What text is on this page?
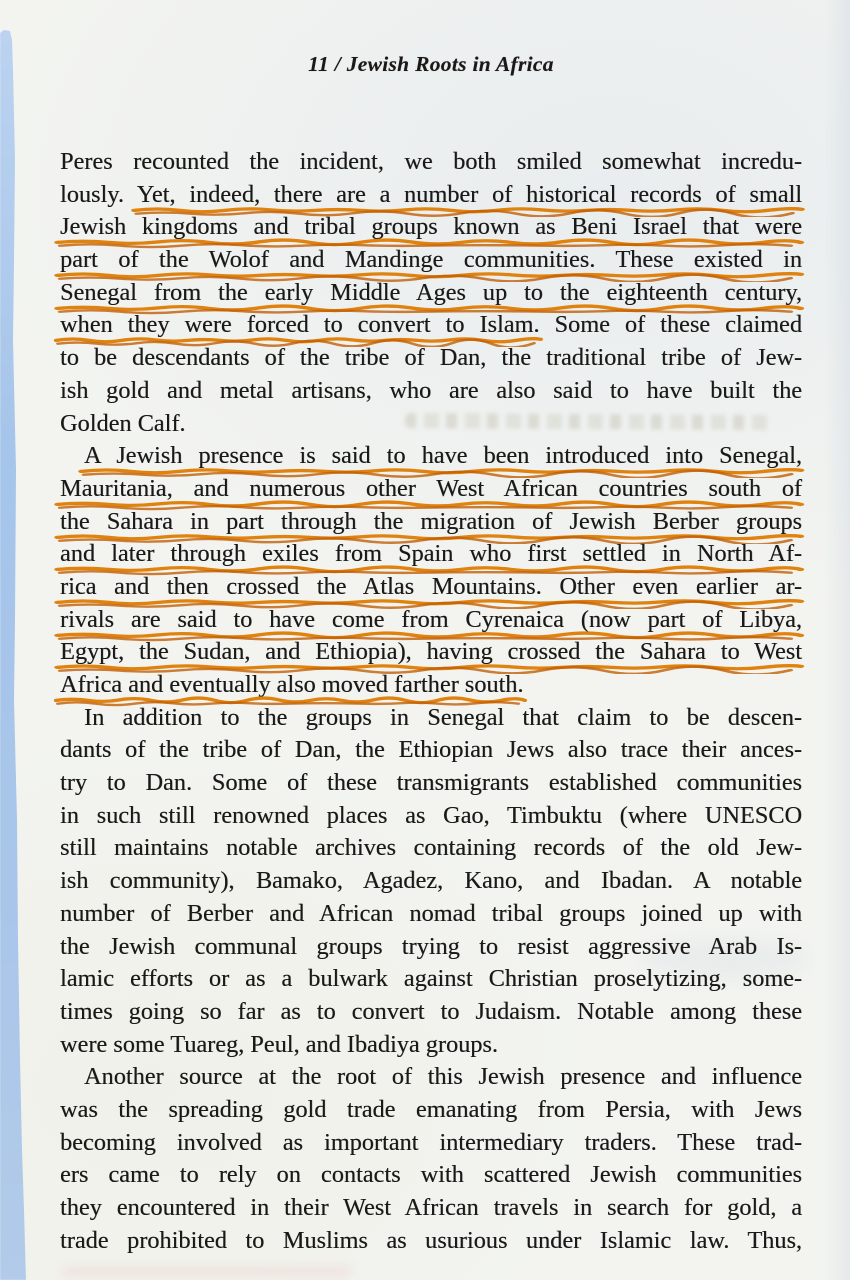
11 / Jewish Roots in Africa
Peres recounted the incident, we both smiled somewhat incredu-
lously. Yet, indeed, there are a number of historical records of small
Jewish kingdoms and tribal groups known as Beni Israel that were
part of the Wolof and Mandinge communities. These existed in
Senegal from the early Middle Ages up to the eighteenth century,
when they were forced to convert to Islam.
Some of these claimed
to be descendants of the tribe of Dan, the traditional tribe of Jew-
ish gold and metal artisans, who are also said to have built the
Golden Calf.
A Jewish presence is said to have been introduced into Senegal,
Mauritania, and numerous other West African countries south of
the Sahara in part through the migration of Jewish Berber groups
and later through exiles from Spain who first settled in North Af-
rica and then crossed the Atlas Mountains. Other even earlier ar-
rivals are said to have come from Cyrenaica (now part of Libya,
Egypt, the Sudan, and Ethiopia), having crossed the Sahara to West
Africa and eventually also moved farther south.
In addition to the groups in Senegal that claim to be descen-
dants of the tribe of Dan, the Ethiopian Jews also trace their ances-
try to Dan. Some of these transmigrants established communities
in such still renowned places as Gao, Timbuktu (where UNESCO
still maintains notable archives containing records of the old Jew-
ish community), Bamako, Agadez, Kano, and Ibadan. A notable
number of Berber and African nomad tribal groups joined up with
the Jewish communal groups trying to resist aggressive Arab Is-
lamic efforts or as a bulwark against Christian proselytizing, some-
times going so far as to convert to Judaism. Notable among these
were some Tuareg, Peul, and Ibadiya groups.
Another source at the root of this Jewish presence and influence
was the spreading gold trade emanating from Persia, with Jews
becoming involved as important intermediary traders. These trad-
ers came to rely on contacts with scattered Jewish communities
they encountered in their West African travels in search for gold, a
trade prohibited to Muslims as usurious under Islamic law. Thus,
